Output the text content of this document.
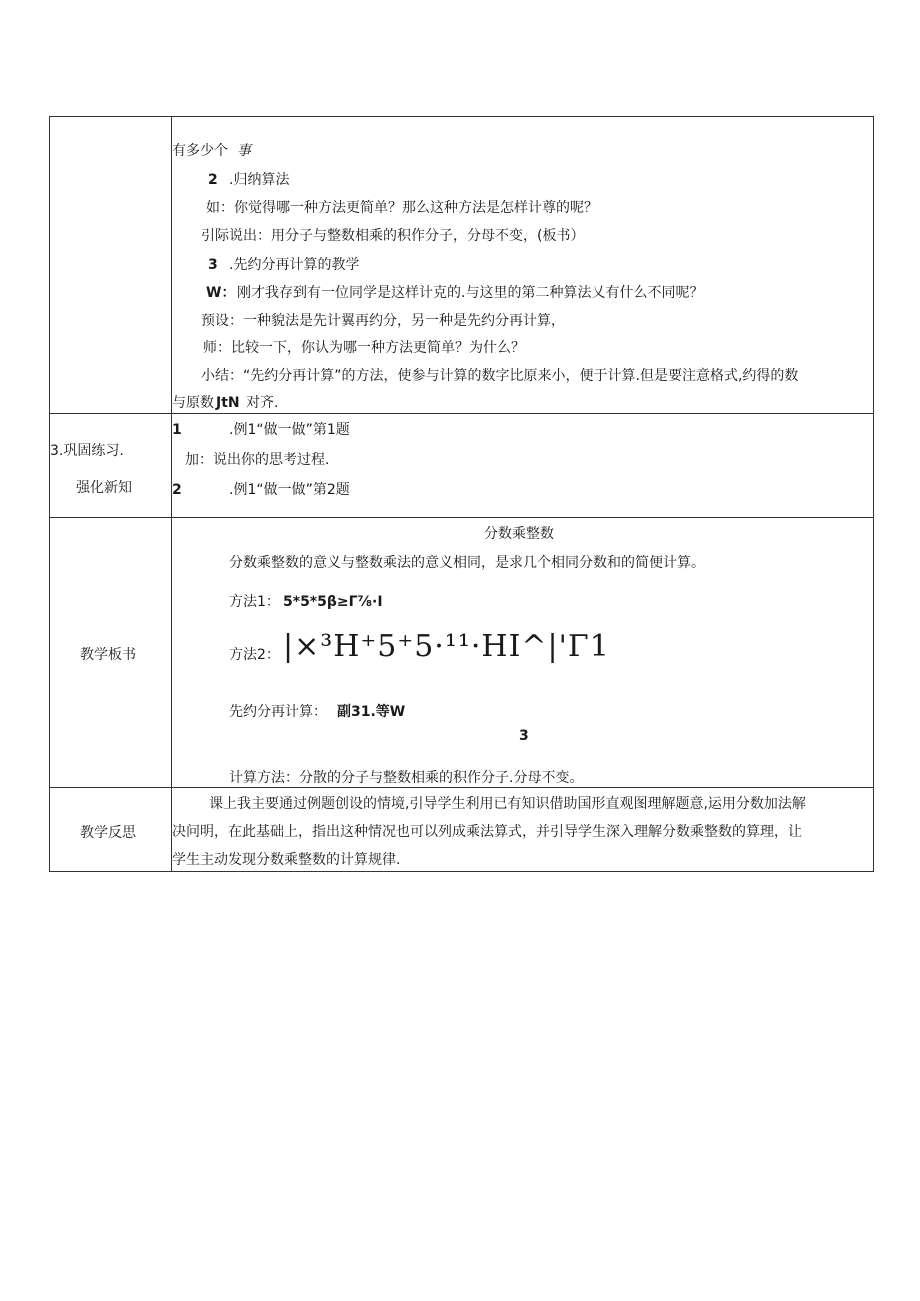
有多少个 事
2 .归纳算法
如：你觉得哪一种方法更简单？那么这种方法是怎样计尊的呢？
引际说出：用分子与整数相乘的积作分子，分母不变，(板书）
3 .先约分再计算的教学
W： 刚才我存到有一位同学是这样计克的.与这里的第二种算法乂有什么不同呢？
预设：一种貌法是先计翼再约分，另一种是先约分再计算，
师：比较一下，你认为哪一种方法更简单？为什么？
小结：“先约分再计算”的方法，使参与计算的数字比原来小，便于计算.但是要注意格式,约得的数
与原数 JtN 对齐.
3.巩固练习.
强化新知
1	.例1“做一做”第1题
加：说出你的思考过程.
2	.例1“做一做”第2题
教学板书
分数乘整数
分数乘整数的意义与整数乘法的意义相同，是求几个相同分数和的简便计算。
方法1： 5*5*5β≥Γ⅞·I
方法2： |×³H⁺5⁺5·¹¹·HI^|'Γ1
先约分再计算： 副31.等W
3
计算方法：分散的分子与整数相乘的积作分子.分母不变。
教学反思
课上我主要通过例题创设的情境,引导学生利用已有知识借助国形直观图理解题意,运用分数加法解
决问明，在此基础上，指出这种情况也可以列成乘法算式，并引导学生深入理解分数乘整数的算理，让
学生主动发现分数乘整数的计算规律.
